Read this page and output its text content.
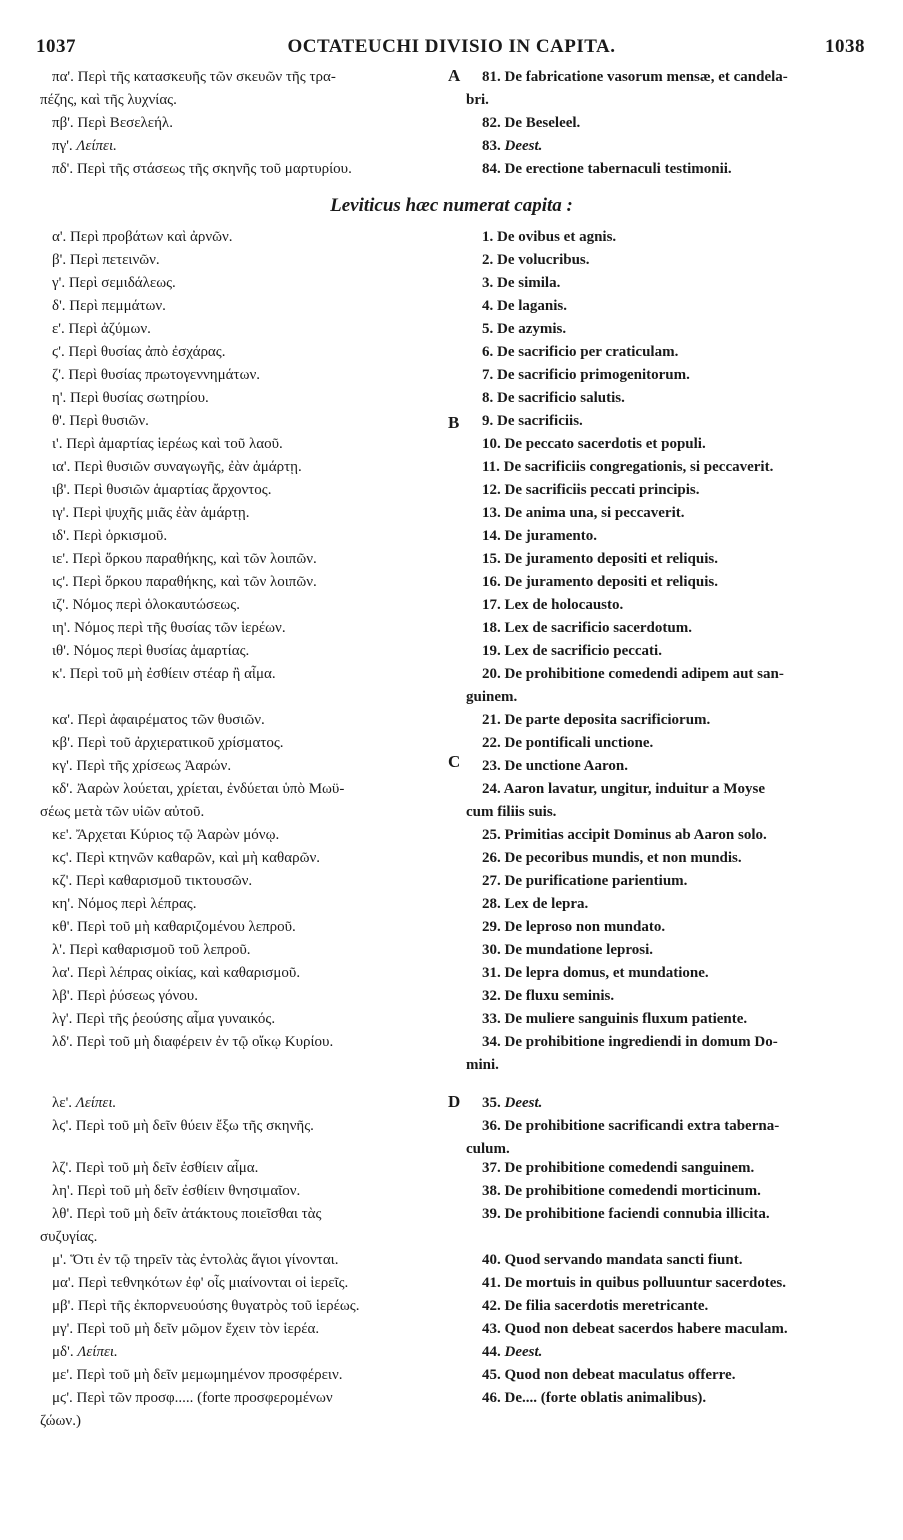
1037	OCTATEUCHI DIVISIO IN CAPITA.	1038
Leviticus hæc numerat capita :
A
B
C
D
πα'. Περὶ τῆς κατασκευῆς τῶν σκευῶν τῆς τρα-
πέζης, καὶ τῆς λυχνίας.
πβ'. Περὶ Βεσελεήλ.
πγ'. Λείπει.
πδ'. Περὶ τῆς στάσεως τῆς σκηνῆς τοῦ μαρτυρίου.
α'. Περὶ προβάτων καὶ ἀρνῶν.
β'. Περὶ πετεινῶν.
γ'. Περὶ σεμιδάλεως.
δ'. Περὶ πεμμάτων.
ε'. Περὶ ἀζύμων.
ϛ'. Περὶ θυσίας ἀπὸ ἐσχάρας.
ζ'. Περὶ θυσίας πρωτογεννημάτων.
η'. Περὶ θυσίας σωτηρίου.
θ'. Περὶ θυσιῶν.
ι'. Περὶ ἁμαρτίας ἱερέως καὶ τοῦ λαοῦ.
ια'. Περὶ θυσιῶν συναγωγῆς, ἐὰν ἁμάρτῃ.
ιβ'. Περὶ θυσιῶν ἁμαρτίας ἄρχοντος.
ιγ'. Περὶ ψυχῆς μιᾶς ἐὰν ἁμάρτῃ.
ιδ'. Περὶ ὁρκισμοῦ.
ιε'. Περὶ ὅρκου παραθήκης, καὶ τῶν λοιπῶν.
ιϛ'. Περὶ ὅρκου παραθήκης, καὶ τῶν λοιπῶν.
ιζ'. Νόμος περὶ ὁλοκαυτώσεως.
ιη'. Νόμος περὶ τῆς θυσίας τῶν ἱερέων.
ιθ'. Νόμος περὶ θυσίας ἁμαρτίας.
κ'. Περὶ τοῦ μὴ ἐσθίειν στέαρ ἢ αἷμα.
κα'. Περὶ ἀφαιρέματος τῶν θυσιῶν.
κβ'. Περὶ τοῦ ἀρχιερατικοῦ χρίσματος.
κγ'. Περὶ τῆς χρίσεως Ἀαρών.
κδ'. Ἀαρὼν λούεται, χρίεται, ἐνδύεται ὑπὸ Μωϋ-
σέως μετὰ τῶν υἱῶν αὐτοῦ.
κε'. Ἄρχεται Κύριος τῷ Ἀαρὼν μόνῳ.
κϛ'. Περὶ κτηνῶν καθαρῶν, καὶ μὴ καθαρῶν.
κζ'. Περὶ καθαρισμοῦ τικτουσῶν.
κη'. Νόμος περὶ λέπρας.
κθ'. Περὶ τοῦ μὴ καθαριζομένου λεπροῦ.
λ'. Περὶ καθαρισμοῦ τοῦ λεπροῦ.
λα'. Περὶ λέπρας οἰκίας, καὶ καθαρισμοῦ.
λβ'. Περὶ ῥύσεως γόνου.
λγ'. Περὶ τῆς ῥεούσης αἷμα γυναικός.
λδ'. Περὶ τοῦ μὴ διαφέρειν ἐν τῷ οἴκῳ Κυρίου.
λε'. Λείπει.
λϛ'. Περὶ τοῦ μὴ δεῖν θύειν ἔξω τῆς σκηνῆς.
λζ'. Περὶ τοῦ μὴ δεῖν ἐσθίειν αἷμα.
λη'. Περὶ τοῦ μὴ δεῖν ἐσθίειν θνησιμαῖον.
λθ'. Περὶ τοῦ μὴ δεῖν ἀτάκτους ποιεῖσθαι τὰς
συζυγίας.
μ'. Ὅτι ἐν τῷ τηρεῖν τὰς ἐντολὰς ἅγιοι γίνονται.
μα'. Περὶ τεθνηκότων ἐφ' οἷς μιαίνονται οἱ ἱερεῖς.
μβ'. Περὶ τῆς ἐκπορνευούσης θυγατρὸς τοῦ ἱερέως.
μγ'. Περὶ τοῦ μὴ δεῖν μῶμον ἔχειν τὸν ἱερέα.
μδ'. Λείπει.
με'. Περὶ τοῦ μὴ δεῖν μεμωμημένον προσφέρειν.
μϛ'. Περὶ τῶν προσφ..... (forte προσφερομένων
ζώων.)
81. De fabricatione vasorum mensæ, et candela-
bri.
82. De Beseleel.
83. Deest.
84. De erectione tabernaculi testimonii.
1. De ovibus et agnis.
2. De volucribus.
3. De simila.
4. De laganis.
5. De azymis.
6. De sacrificio per craticulam.
7. De sacrificio primogenitorum.
8. De sacrificio salutis.
9. De sacrificiis.
10. De peccato sacerdotis et populi.
11. De sacrificiis congregationis, si peccaverit.
12. De sacrificiis peccati principis.
13. De anima una, si peccaverit.
14. De juramento.
15. De juramento depositi et reliquis.
16. De juramento depositi et reliquis.
17. Lex de holocausto.
18. Lex de sacrificio sacerdotum.
19. Lex de sacrificio peccati.
20. De prohibitione comedendi adipem aut san-
guinem.
21. De parte deposita sacrificiorum.
22. De pontificali unctione.
23. De unctione Aaron.
24. Aaron lavatur, ungitur, induitur a Moyse
cum filiis suis.
25. Primitias accipit Dominus ab Aaron solo.
26. De pecoribus mundis, et non mundis.
27. De purificatione parientium.
28. Lex de lepra.
29. De leproso non mundato.
30. De mundatione leprosi.
31. De lepra domus, et mundatione.
32. De fluxu seminis.
33. De muliere sanguinis fluxum patiente.
34. De prohibitione ingrediendi in domum Do-
mini.
35. Deest.
36. De prohibitione sacrificandi extra taberna-
culum.
37. De prohibitione comedendi sanguinem.
38. De prohibitione comedendi morticinum.
39. De prohibitione faciendi connubia illicita.
40. Quod servando mandata sancti fiunt.
41. De mortuis in quibus polluuntur sacerdotes.
42. De filia sacerdotis meretricante.
43. Quod non debeat sacerdos habere maculam.
44. Deest.
45. Quod non debeat maculatus offerre.
46. De.... (forte oblatis animalibus).
